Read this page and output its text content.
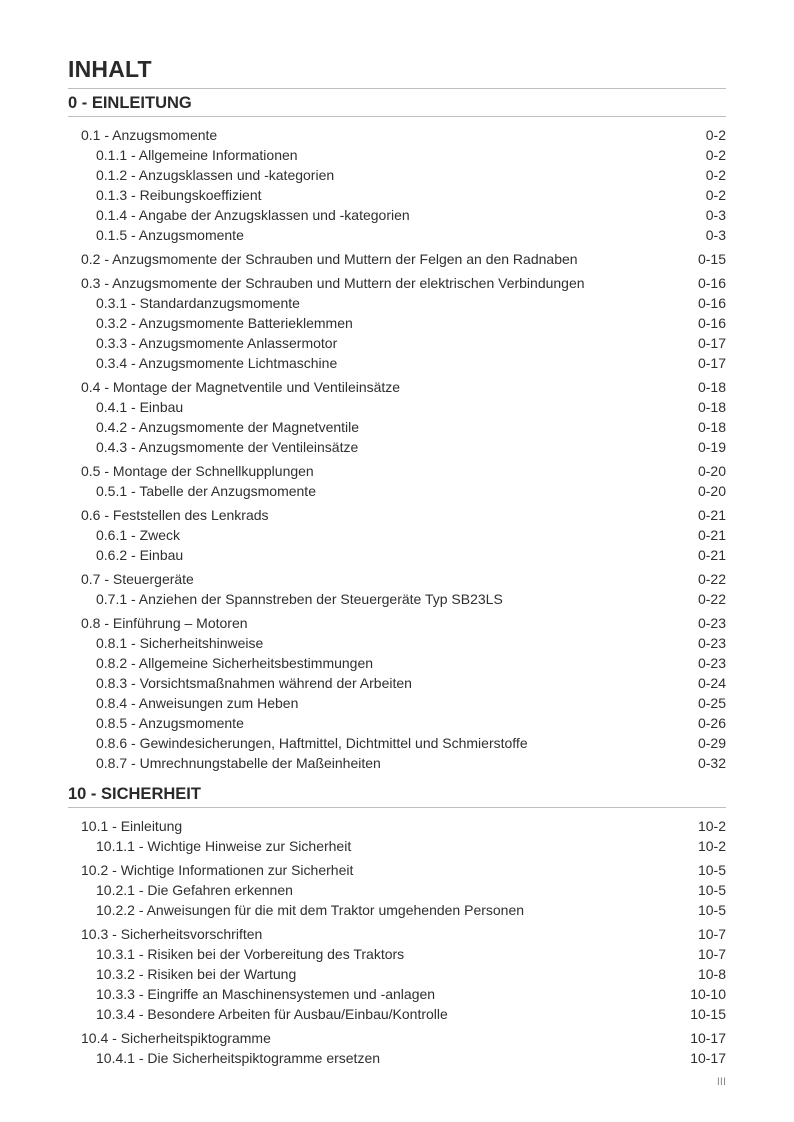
INHALT
0 - EINLEITUNG
0.1 - Anzugsmomente	0-2
0.1.1 - Allgemeine Informationen	0-2
0.1.2 - Anzugsklassen und -kategorien	0-2
0.1.3 - Reibungskoeffizient	0-2
0.1.4 - Angabe der Anzugsklassen und -kategorien	0-3
0.1.5 - Anzugsmomente	0-3
0.2 - Anzugsmomente der Schrauben und Muttern der Felgen an den Radnaben	0-15
0.3 - Anzugsmomente der Schrauben und Muttern der elektrischen Verbindungen	0-16
0.3.1 - Standardanzugsmomente	0-16
0.3.2 - Anzugsmomente Batterieklemmen	0-16
0.3.3 - Anzugsmomente Anlassermotor	0-17
0.3.4 - Anzugsmomente Lichtmaschine	0-17
0.4 - Montage der Magnetventile und Ventileinsätze	0-18
0.4.1 - Einbau	0-18
0.4.2 - Anzugsmomente der Magnetventile	0-18
0.4.3 - Anzugsmomente der Ventileinsätze	0-19
0.5 - Montage der Schnellkupplungen	0-20
0.5.1 - Tabelle der Anzugsmomente	0-20
0.6 - Feststellen des Lenkrads	0-21
0.6.1 - Zweck	0-21
0.6.2 - Einbau	0-21
0.7 - Steuergeräte	0-22
0.7.1 - Anziehen der Spannstreben der Steuergeräte Typ SB23LS	0-22
0.8 - Einführung – Motoren	0-23
0.8.1 - Sicherheitshinweise	0-23
0.8.2 - Allgemeine Sicherheitsbestimmungen	0-23
0.8.3 - Vorsichtsmaßnahmen während der Arbeiten	0-24
0.8.4 - Anweisungen zum Heben	0-25
0.8.5 - Anzugsmomente	0-26
0.8.6 - Gewindesicherungen, Haftmittel, Dichtmittel und Schmierstoffe	0-29
0.8.7 - Umrechnungstabelle der Maßeinheiten	0-32
10 - SICHERHEIT
10.1 - Einleitung	10-2
10.1.1 - Wichtige Hinweise zur Sicherheit	10-2
10.2 - Wichtige Informationen zur Sicherheit	10-5
10.2.1 - Die Gefahren erkennen	10-5
10.2.2 - Anweisungen für die mit dem Traktor umgehenden Personen	10-5
10.3 - Sicherheitsvorschriften	10-7
10.3.1 - Risiken bei der Vorbereitung des Traktors	10-7
10.3.2 - Risiken bei der Wartung	10-8
10.3.3 - Eingriffe an Maschinensystemen und -anlagen	10-10
10.3.4 - Besondere Arbeiten für Ausbau/Einbau/Kontrolle	10-15
10.4 - Sicherheitspiktogramme	10-17
10.4.1 - Die Sicherheitspiktogramme ersetzen	10-17
III
